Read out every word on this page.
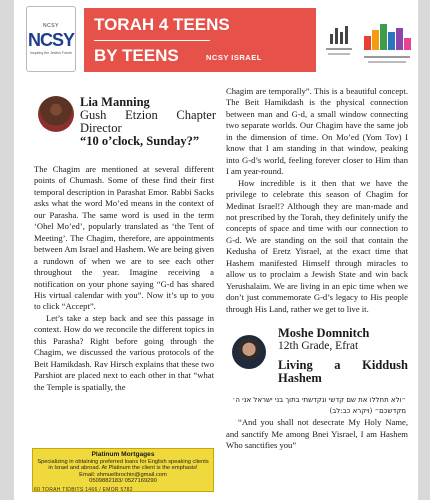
NCSY
NCSY
Inspiring the Jewish Future
TORAH 4 TEENS
BY TEENS	NCSY ISRAEL
Lia Manning
Gush Etzion Chapter Director
“10 o’clock, Sunday?”

The Chagim are mentioned at several different points of Chumash. Some of these find their first temporal description in Parashat Emor. Rabbi Sacks asks what the word Mo’ed means in the context of our Parasha. The same word is used in the term ‘Ohel Mo’ed’, popularly translated as ‘the Tent of Meeting’. The Chagim, therefore, are appointments between Am Israel and Hashem. We are being given a rundown of when we are to see each other throughout the year. Imagine receiving a notification on your phone saying “G-d has shared His virtual calendar with you”. Now it’s up to you to click “Accept”.

Let’s take a step back and see this passage in context. How do we reconcile the different topics in this Parasha? Right before going through the Chagim, we discussed the various protocols of the Beit Hamikdash. Rav Hirsch explains that these two Parshiot are placed next to each other in that “what the Temple is spatially, the

Platinum Mortgages
Specializing in obtaining preferred loans for English speaking clients in Israel and abroad. At Platinum the client is the emphasis!
Email: shmuelbrochin@gmail.com
0509882183/ 0527169290

Chagim are temporally”. This is a beautiful concept. The Beit Hamikdash is the physical connection between man and G-d, a small window connecting two separate worlds. Our Chagim have the same job in the dimension of time. On Mo’ed (Yom Tov) I know that I am standing in that window, peaking into G-d’s world, feeling forever closer to Him than I am year-round.

How incredible is it then that we have the privilege to celebrate this season of Chagim for Medinat Israel!? Although they are man-made and not prescribed by the Torah, they definitely unify the concepts of space and time with our connection to G-d. We are standing on the soil that contain the Kedusha of Eretz Yisrael, at the exact time that Hashem manifested Himself through miracles to allow us to proclaim a Jewish State and win back Yerushalaim. We are living in an epic time when we don’t just commemorate G-d’s legacy to His people through His Land, rather we get to live it.

Moshe Domnitch
12th Grade, Efrat
Living a Kiddush Hashem
״ולא תחללו את שם קדשי ונקדשתי בתוך בני ישראל אני ה׳ מקדשכם״ (ויקרא כב:לב)

“And you shall not desecrate My Holy Name, and sanctify Me among Bnei Yisrael, I am Hashem Who sanctifies you”

60 TORAH TIDBITS 1466 / EMOR 5782
